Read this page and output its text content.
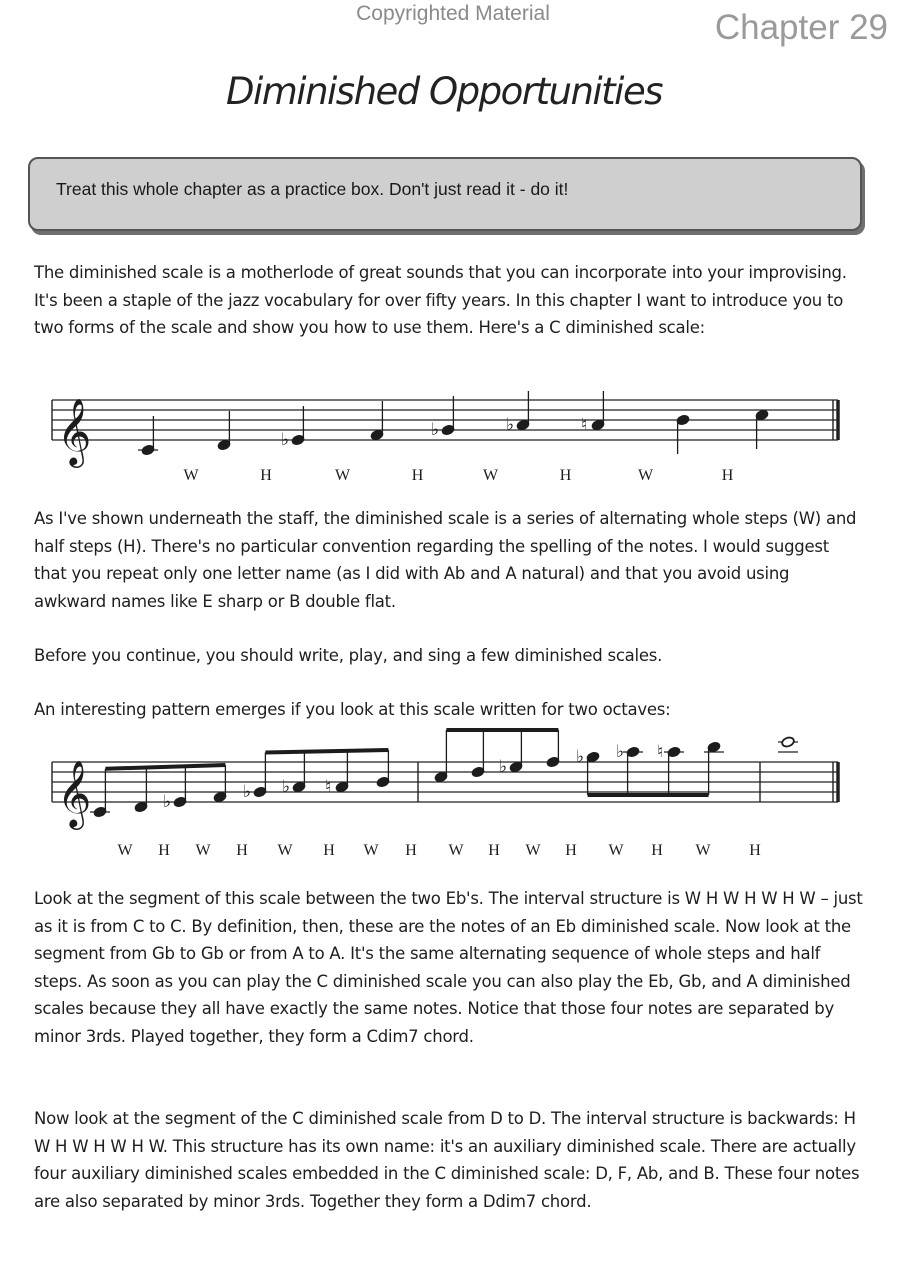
Copyrighted Material	Chapter 29
Diminished Opportunities
Treat this whole chapter as a practice box. Don't just read it - do it!

The diminished scale is a motherlode of great sounds that you can incorporate into your improvising. It's been a staple of the jazz vocabulary for over fifty years. In this chapter I want to introduce you to two forms of the scale and show you how to use them. Here's a C diminished scale:

𝄞	♭	♭	♭	♮
W	H	W	H	W	H	W	H

As I've shown underneath the staff, the diminished scale is a series of alternating whole steps (W) and half steps (H). There's no particular convention regarding the spelling of the notes. I would suggest that you repeat only one letter name (as I did with Ab and A natural) and that you avoid using awkward names like E sharp or B double flat.

Before you continue, you should write, play, and sing a few diminished scales.

An interesting pattern emerges if you look at this scale written for two octaves:

𝄞	♭	♭ ♭ ♮
♭	♭ ♭ ♮
W H W H W H W H W H W H W H W H

Look at the segment of this scale between the two Eb's. The interval structure is W H W H W H W – just as it is from C to C. By definition, then, these are the notes of an Eb diminished scale. Now look at the segment from Gb to Gb or from A to A. It's the same alternating sequence of whole steps and half steps. As soon as you can play the C diminished scale you can also play the Eb, Gb, and A diminished scales because they all have exactly the same notes. Notice that those four notes are separated by minor 3rds. Played together, they form a Cdim7 chord.

Now look at the segment of the C diminished scale from D to D. The interval structure is backwards: H W H W H W H W. This structure has its own name: it's an auxiliary diminished scale. There are actually four auxiliary diminished scales embedded in the C diminished scale: D, F, Ab, and B. These four notes are also separated by minor 3rds. Together they form a Ddim7 chord.
